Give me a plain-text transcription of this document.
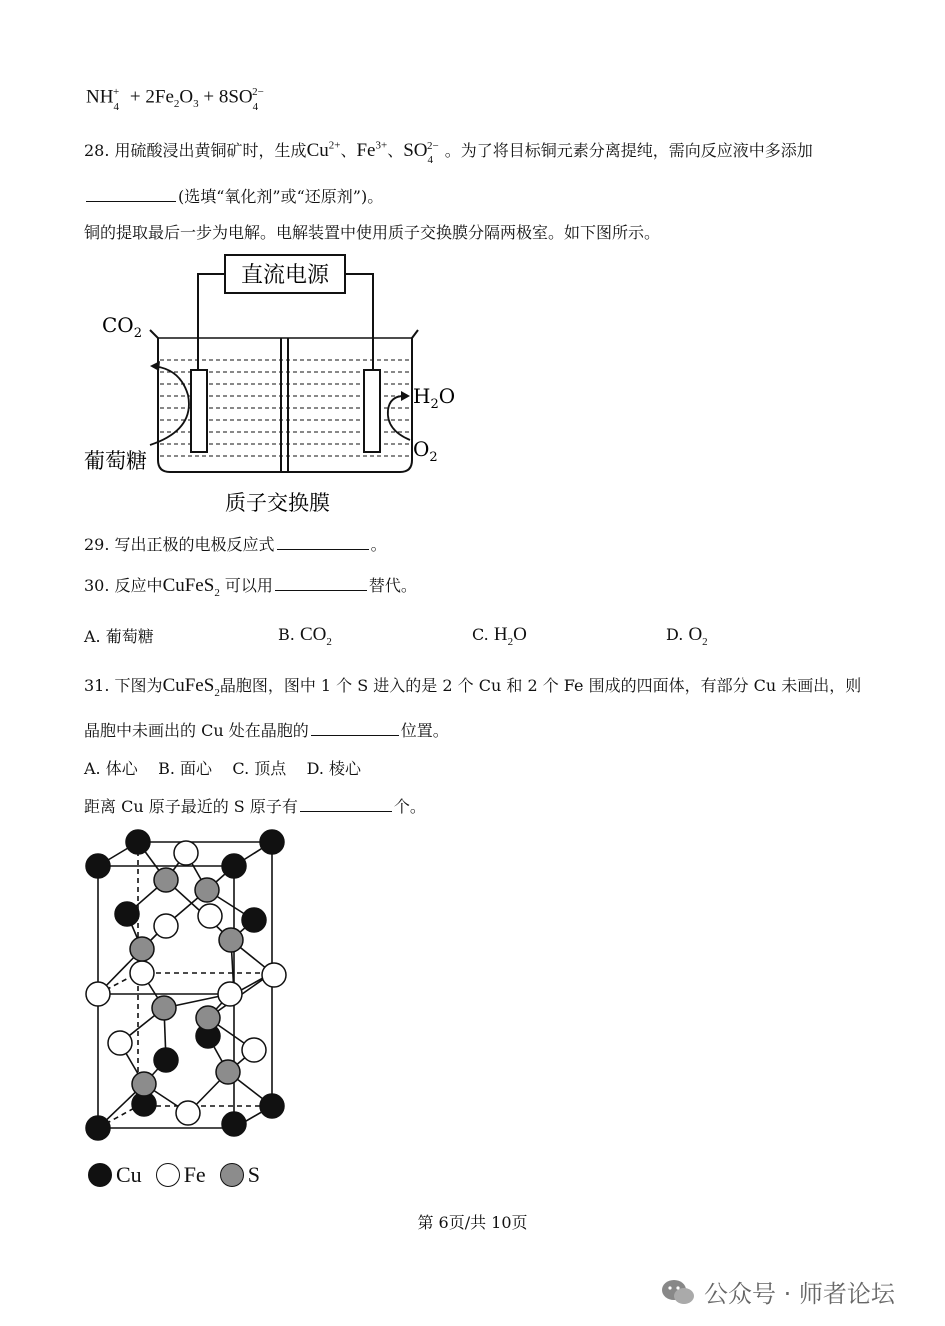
$NH_4^+ + 2Fe_2O_3 + 8SO_4^{2-}$
28. 用硫酸浸出黄铜矿时，生成$Cu^{2+}$、$Fe^{3+}$、$SO_4^{2-}$ 。为了将目标铜元素分离提纯，需向反应液中多添加
(选填“氧化剂”或“还原剂”)。
铜的提取最后一步为电解。电解装置中使用质子交换膜分隔两极室。如下图所示。
直流电源
$CO_2$
$H_2O$
$O_2$
葡萄糖
质子交换膜
29. 写出正极的电极反应式	。
30. 反应中CuFeS$_2$ 可以用	替代。
A. 葡萄糖	B. $CO_2$	C. $H_2O$	D. $O_2$
31. 下图为CuFeS$_2$晶胞图，图中 1 个 S 进入的是 2 个 Cu 和 2 个 Fe 围成的四面体，有部分 Cu 未画出，则
晶胞中未画出的 Cu 处在晶胞的	位置。
A. 体心 B. 面心 C. 顶点 D. 棱心
距离 Cu 原子最近的 S 原子有	个。
Cu Fe S
第 6页/共 10页
公众号 · 师者论坛
